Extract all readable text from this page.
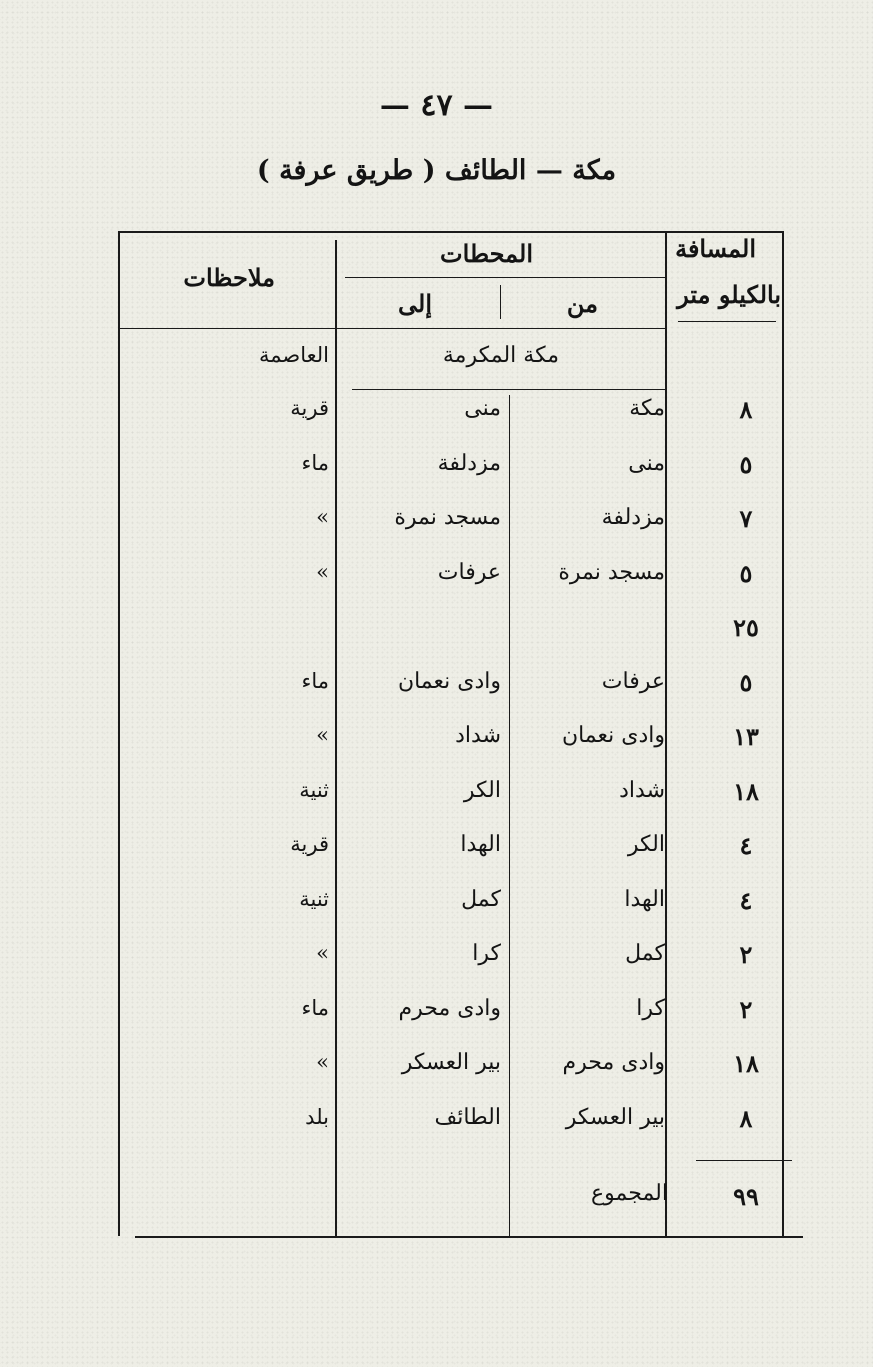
— ٤٧ —
مكة — الطائف ( طريق عرفة )
المسافة
بالكيلو متر
المحطات
من
إلى
ملاحظات
مكة المكرمة
العاصمة
٨
مكة
منى
قرية
٥
منى
مزدلفة
ماء
٧
مزدلفة
مسجد نمرة
»
٥
مسجد نمرة
عرفات
»
٢٥
٥
عرفات
وادى نعمان
ماء
١٣
وادى نعمان
شداد
»
١٨
شداد
الكر
ثنية
٤
الكر
الهدا
قرية
٤
الهدا
كمل
ثنية
٢
كمل
كرا
»
٢
كرا
وادى محرم
ماء
١٨
وادى محرم
بير العسكر
»
٨
بير العسكر
الطائف
بلد
٩٩
المجموع
